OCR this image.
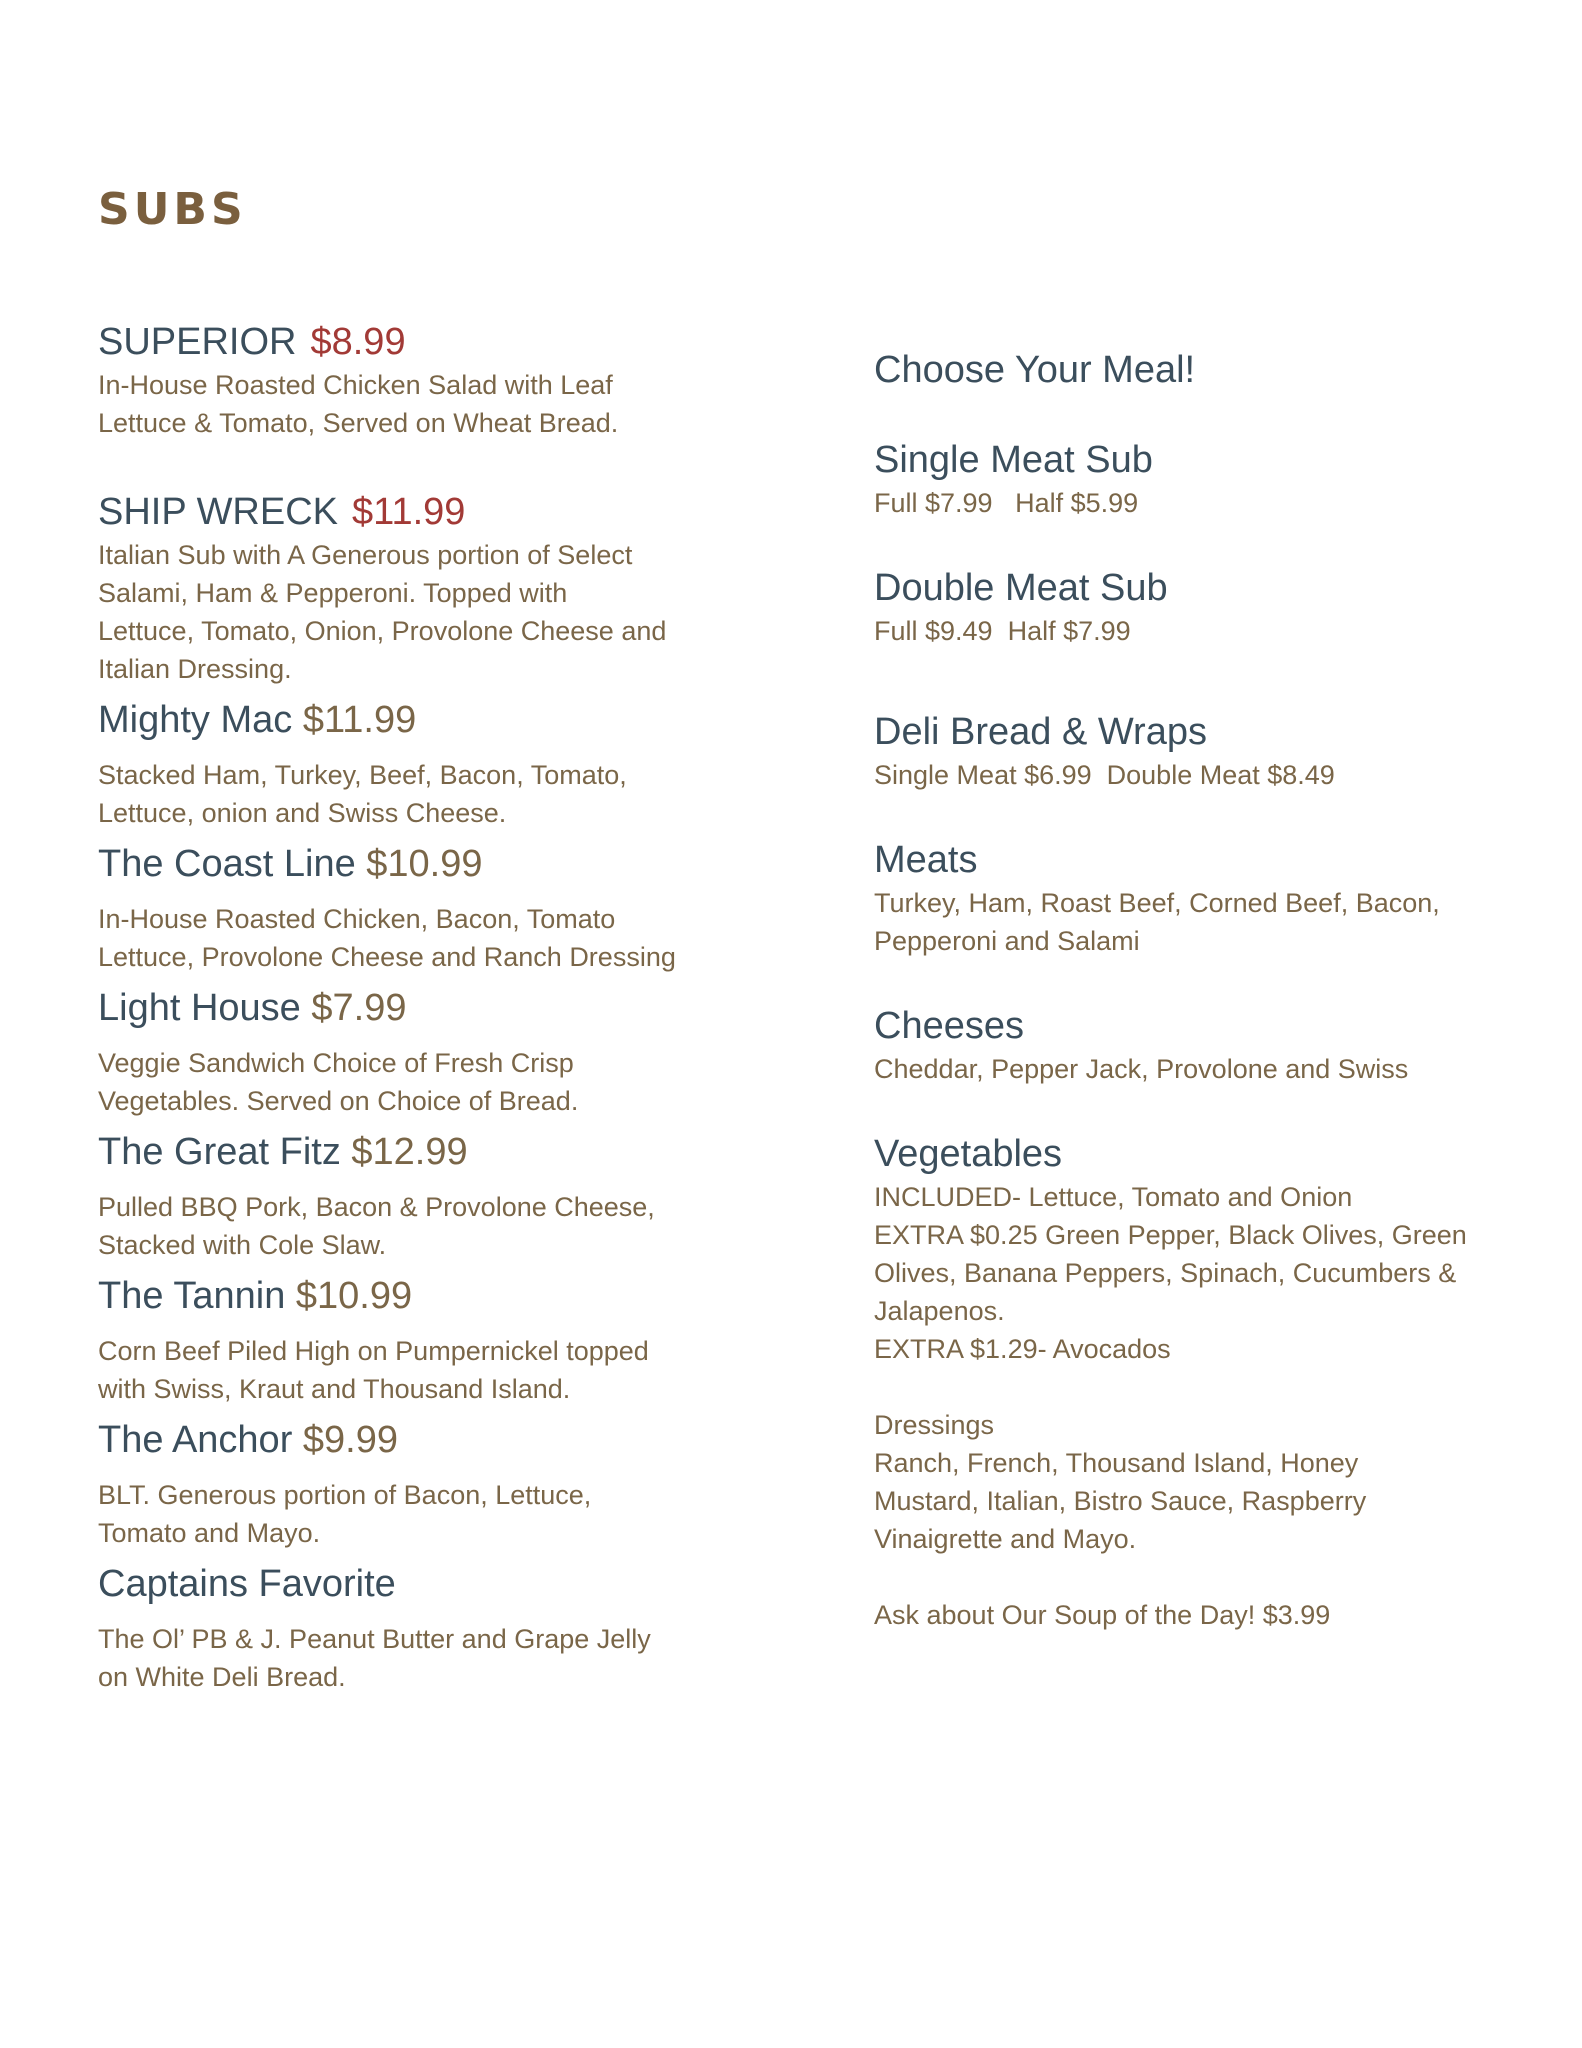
SUBS
SUPERIOR $8.99
In-House Roasted Chicken Salad with Leaf
Lettuce & Tomato, Served on Wheat Bread.
SHIP WRECK $11.99
Italian Sub with A Generous portion of Select
Salami, Ham & Pepperoni. Topped with
Lettuce, Tomato, Onion, Provolone Cheese and
Italian Dressing.
Mighty Mac $11.99
Stacked Ham, Turkey, Beef, Bacon, Tomato,
Lettuce, onion and Swiss Cheese.
The Coast Line $10.99
In-House Roasted Chicken, Bacon, Tomato
Lettuce, Provolone Cheese and Ranch Dressing
Light House $7.99
Veggie Sandwich Choice of Fresh Crisp
Vegetables. Served on Choice of Bread.
The Great Fitz $12.99
Pulled BBQ Pork, Bacon & Provolone Cheese,
Stacked with Cole Slaw.
The Tannin $10.99
Corn Beef Piled High on Pumpernickel topped
with Swiss, Kraut and Thousand Island.
The Anchor $9.99
BLT. Generous portion of Bacon, Lettuce,
Tomato and Mayo.
Captains Favorite
The Ol’ PB & J. Peanut Butter and Grape Jelly
on White Deli Bread.
Choose Your Meal!
Single Meat Sub
Full $7.99   Half $5.99
Double Meat Sub
Full $9.49  Half $7.99
Deli Bread & Wraps
Single Meat $6.99  Double Meat $8.49
Meats
Turkey, Ham, Roast Beef, Corned Beef, Bacon,
Pepperoni and Salami
Cheeses
Cheddar, Pepper Jack, Provolone and Swiss
Vegetables
INCLUDED- Lettuce, Tomato and Onion
EXTRA $0.25 Green Pepper, Black Olives, Green
Olives, Banana Peppers, Spinach, Cucumbers &
Jalapenos.
EXTRA $1.29- Avocados
Dressings
Ranch, French, Thousand Island, Honey
Mustard, Italian, Bistro Sauce, Raspberry
Vinaigrette and Mayo.
Ask about Our Soup of the Day! $3.99
